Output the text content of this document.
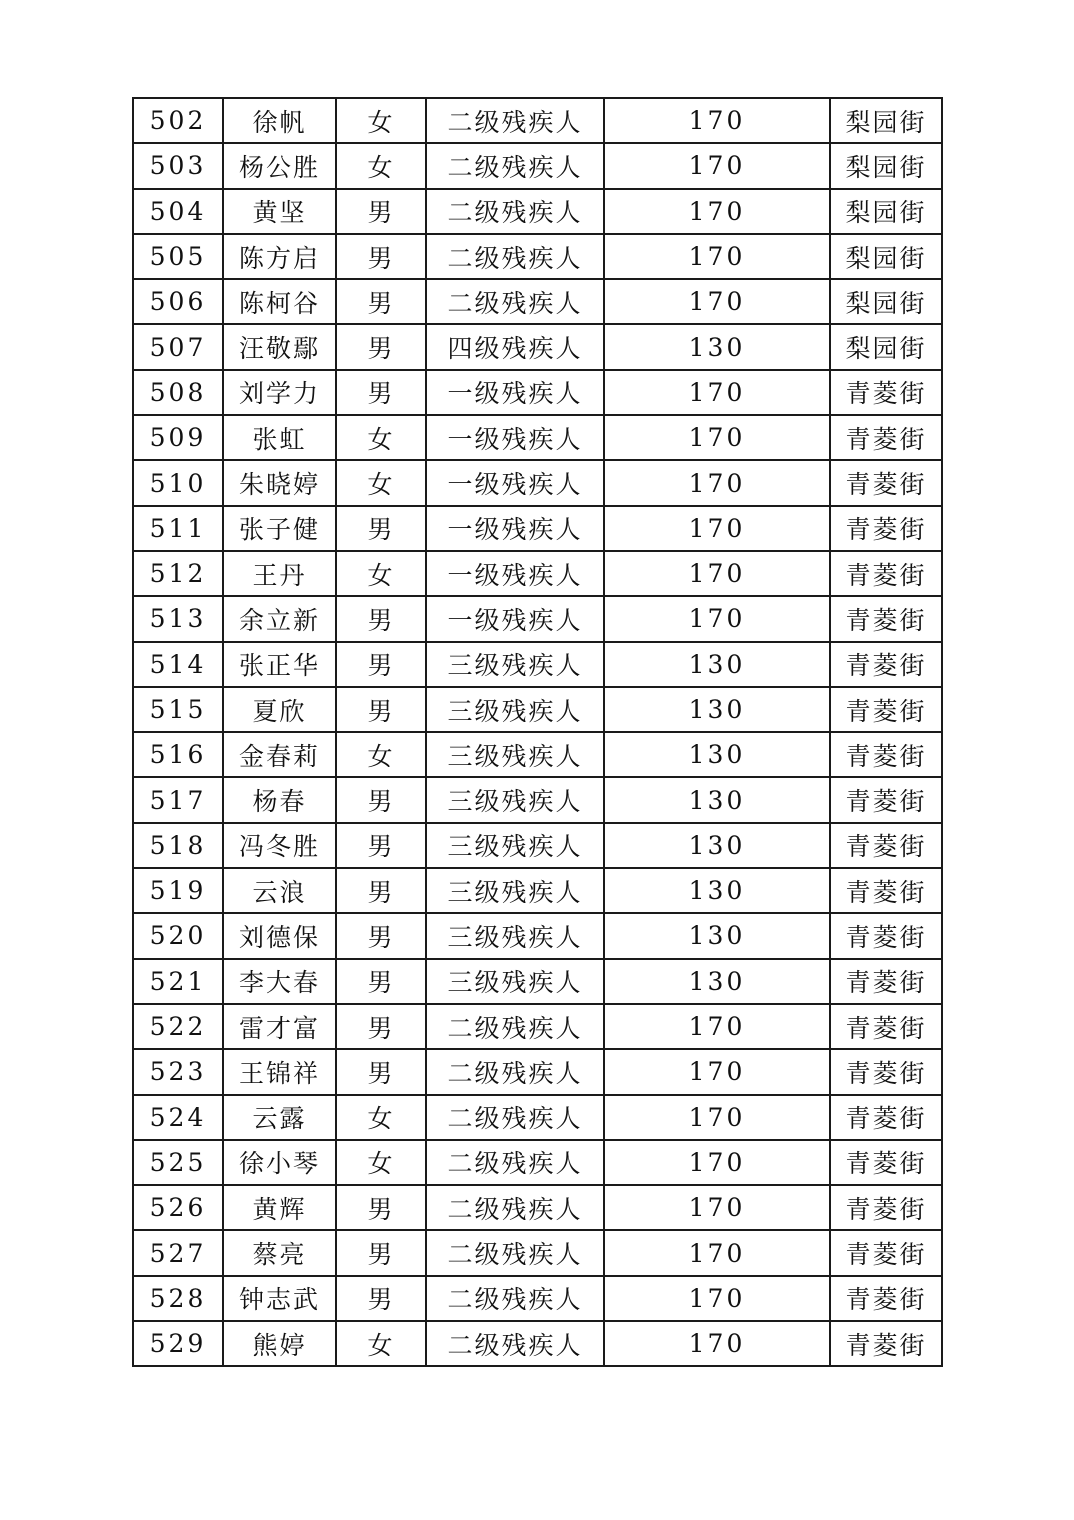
502	徐帆	女	二级残疾人	170	梨园街
503	杨公胜	女	二级残疾人	170	梨园街
504	黄坚	男	二级残疾人	170	梨园街
505	陈方启	男	二级残疾人	170	梨园街
506	陈柯谷	男	二级残疾人	170	梨园街
507	汪敬鄢	男	四级残疾人	130	梨园街
508	刘学力	男	一级残疾人	170	青菱街
509	张虹	女	一级残疾人	170	青菱街
510	朱晓婷	女	一级残疾人	170	青菱街
511	张子健	男	一级残疾人	170	青菱街
512	王丹	女	一级残疾人	170	青菱街
513	余立新	男	一级残疾人	170	青菱街
514	张正华	男	三级残疾人	130	青菱街
515	夏欣	男	三级残疾人	130	青菱街
516	金春莉	女	三级残疾人	130	青菱街
517	杨春	男	三级残疾人	130	青菱街
518	冯冬胜	男	三级残疾人	130	青菱街
519	云浪	男	三级残疾人	130	青菱街
520	刘德保	男	三级残疾人	130	青菱街
521	李大春	男	三级残疾人	130	青菱街
522	雷才富	男	二级残疾人	170	青菱街
523	王锦祥	男	二级残疾人	170	青菱街
524	云露	女	二级残疾人	170	青菱街
525	徐小琴	女	二级残疾人	170	青菱街
526	黄辉	男	二级残疾人	170	青菱街
527	蔡亮	男	二级残疾人	170	青菱街
528	钟志武	男	二级残疾人	170	青菱街
529	熊婷	女	二级残疾人	170	青菱街
